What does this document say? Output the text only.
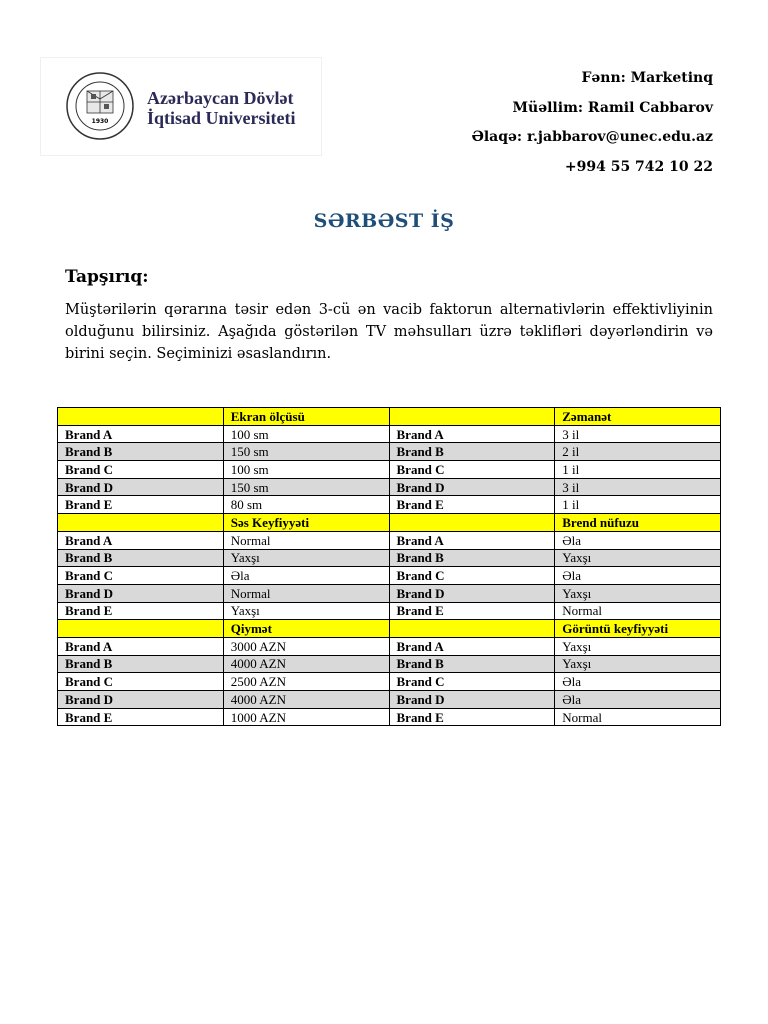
1930
Azərbaycan Dövlət
İqtisad Universiteti
Fənn: Marketinq
Müəllim: Ramil Cabbarov
Əlaqə: r.jabbarov@unec.edu.az
+994 55 742 10 22
SƏRBƏST İŞ
Tapşırıq:
Müştərilərin qərarına təsir edən 3-cü ən vacib faktorun alternativlərin effektivliyinin olduğunu bilirsiniz. Aşağıda göstərilən TV məhsulları üzrə təklifləri dəyərləndirin və birini seçin. Seçiminizi əsaslandırın.
	Ekran ölçüsü		Zəmanət
Brand A	100 sm	Brand A	3 il
Brand B	150 sm	Brand B	2 il
Brand C	100 sm	Brand C	1 il
Brand D	150 sm	Brand D	3 il
Brand E	80 sm	Brand E	1 il
	Səs Keyfiyyəti		Brend nüfuzu
Brand A	Normal	Brand A	Əla
Brand B	Yaxşı	Brand B	Yaxşı
Brand C	Əla	Brand C	Əla
Brand D	Normal	Brand D	Yaxşı
Brand E	Yaxşı	Brand E	Normal
	Qiymət		Görüntü keyfiyyəti
Brand A	3000 AZN	Brand A	Yaxşı
Brand B	4000 AZN	Brand B	Yaxşı
Brand C	2500 AZN	Brand C	Əla
Brand D	4000 AZN	Brand D	Əla
Brand E	1000 AZN	Brand E	Normal
